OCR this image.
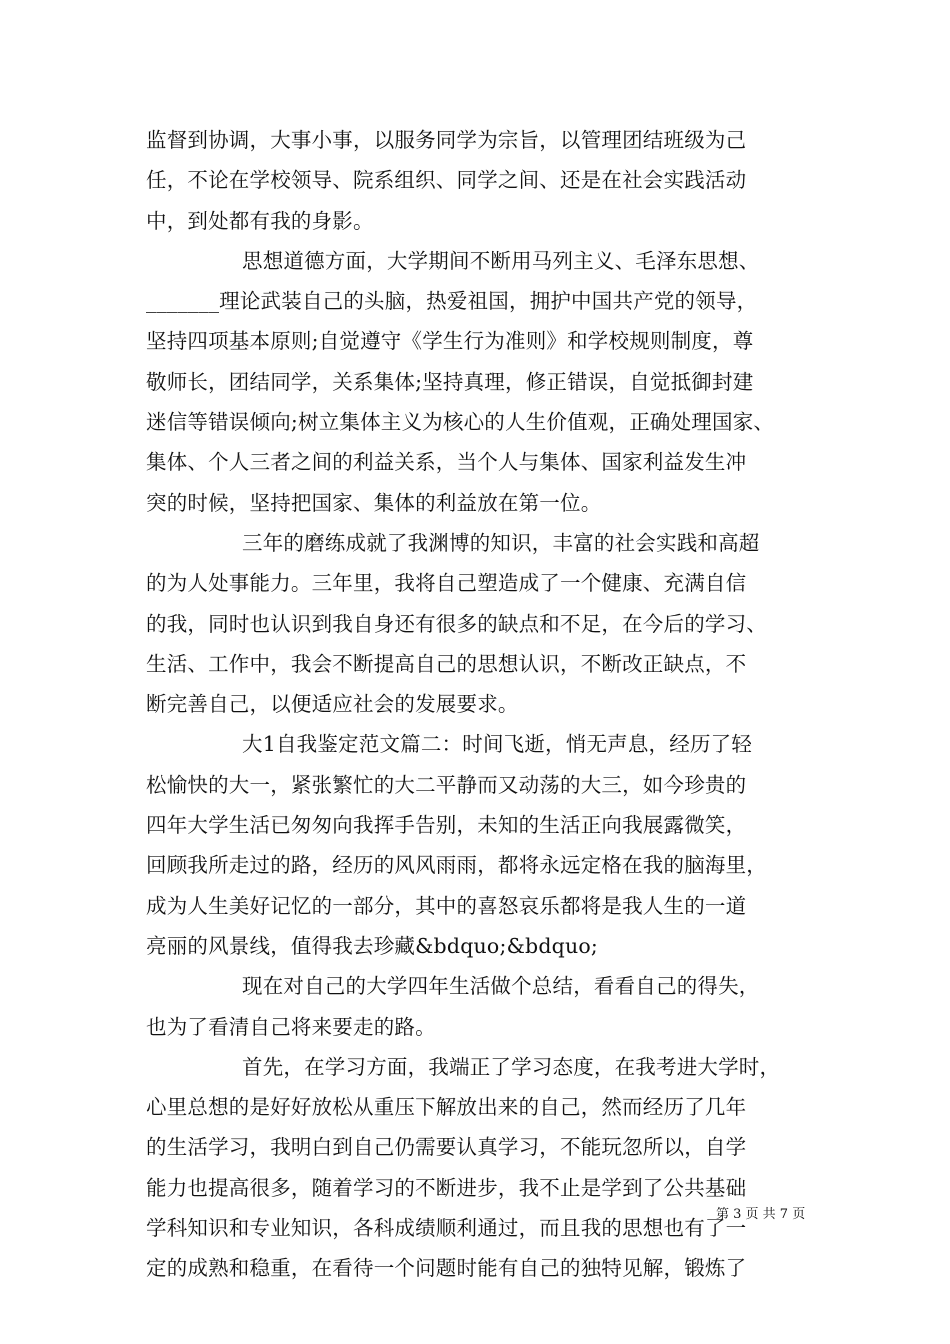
监督到协调，大事小事，以服务同学为宗旨，以管理团结班级为己
任，不论在学校领导、院系组织、同学之间、还是在社会实践活动
中，到处都有我的身影。
思想道德方面，大学期间不断用马列主义、毛泽东思想、
_______理论武装自己的头脑，热爱祖国，拥护中国共产党的领导，
坚持四项基本原则;自觉遵守《学生行为准则》和学校规则制度，尊
敬师长，团结同学，关系集体;坚持真理，修正错误，自觉抵御封建
迷信等错误倾向;树立集体主义为核心的人生价值观，正确处理国家、
集体、个人三者之间的利益关系，当个人与集体、国家利益发生冲
突的时候，坚持把国家、集体的利益放在第一位。
三年的磨练成就了我渊博的知识，丰富的社会实践和高超
的为人处事能力。三年里，我将自己塑造成了一个健康、充满自信
的我，同时也认识到我自身还有很多的缺点和不足，在今后的学习、
生活、工作中，我会不断提高自己的思想认识，不断改正缺点，不
断完善自己，以便适应社会的发展要求。
大1自我鉴定范文篇二：时间飞逝，悄无声息，经历了轻
松愉快的大一，紧张繁忙的大二平静而又动荡的大三，如今珍贵的
四年大学生活已匆匆向我挥手告别，未知的生活正向我展露微笑，
回顾我所走过的路，经历的风风雨雨，都将永远定格在我的脑海里，
成为人生美好记忆的一部分，其中的喜怒哀乐都将是我人生的一道
亮丽的风景线，值得我去珍藏&bdquo;&bdquo;
现在对自己的大学四年生活做个总结，看看自己的得失，
也为了看清自己将来要走的路。
首先，在学习方面，我端正了学习态度，在我考进大学时，
心里总想的是好好放松从重压下解放出来的自己，然而经历了几年
的生活学习，我明白到自己仍需要认真学习，不能玩忽所以，自学
能力也提高很多，随着学习的不断进步，我不止是学到了公共基础
学科知识和专业知识，各科成绩顺利通过，而且我的思想也有了一
定的成熟和稳重，在看待一个问题时能有自己的独特见解，锻炼了
第 3 页 共 7 页
